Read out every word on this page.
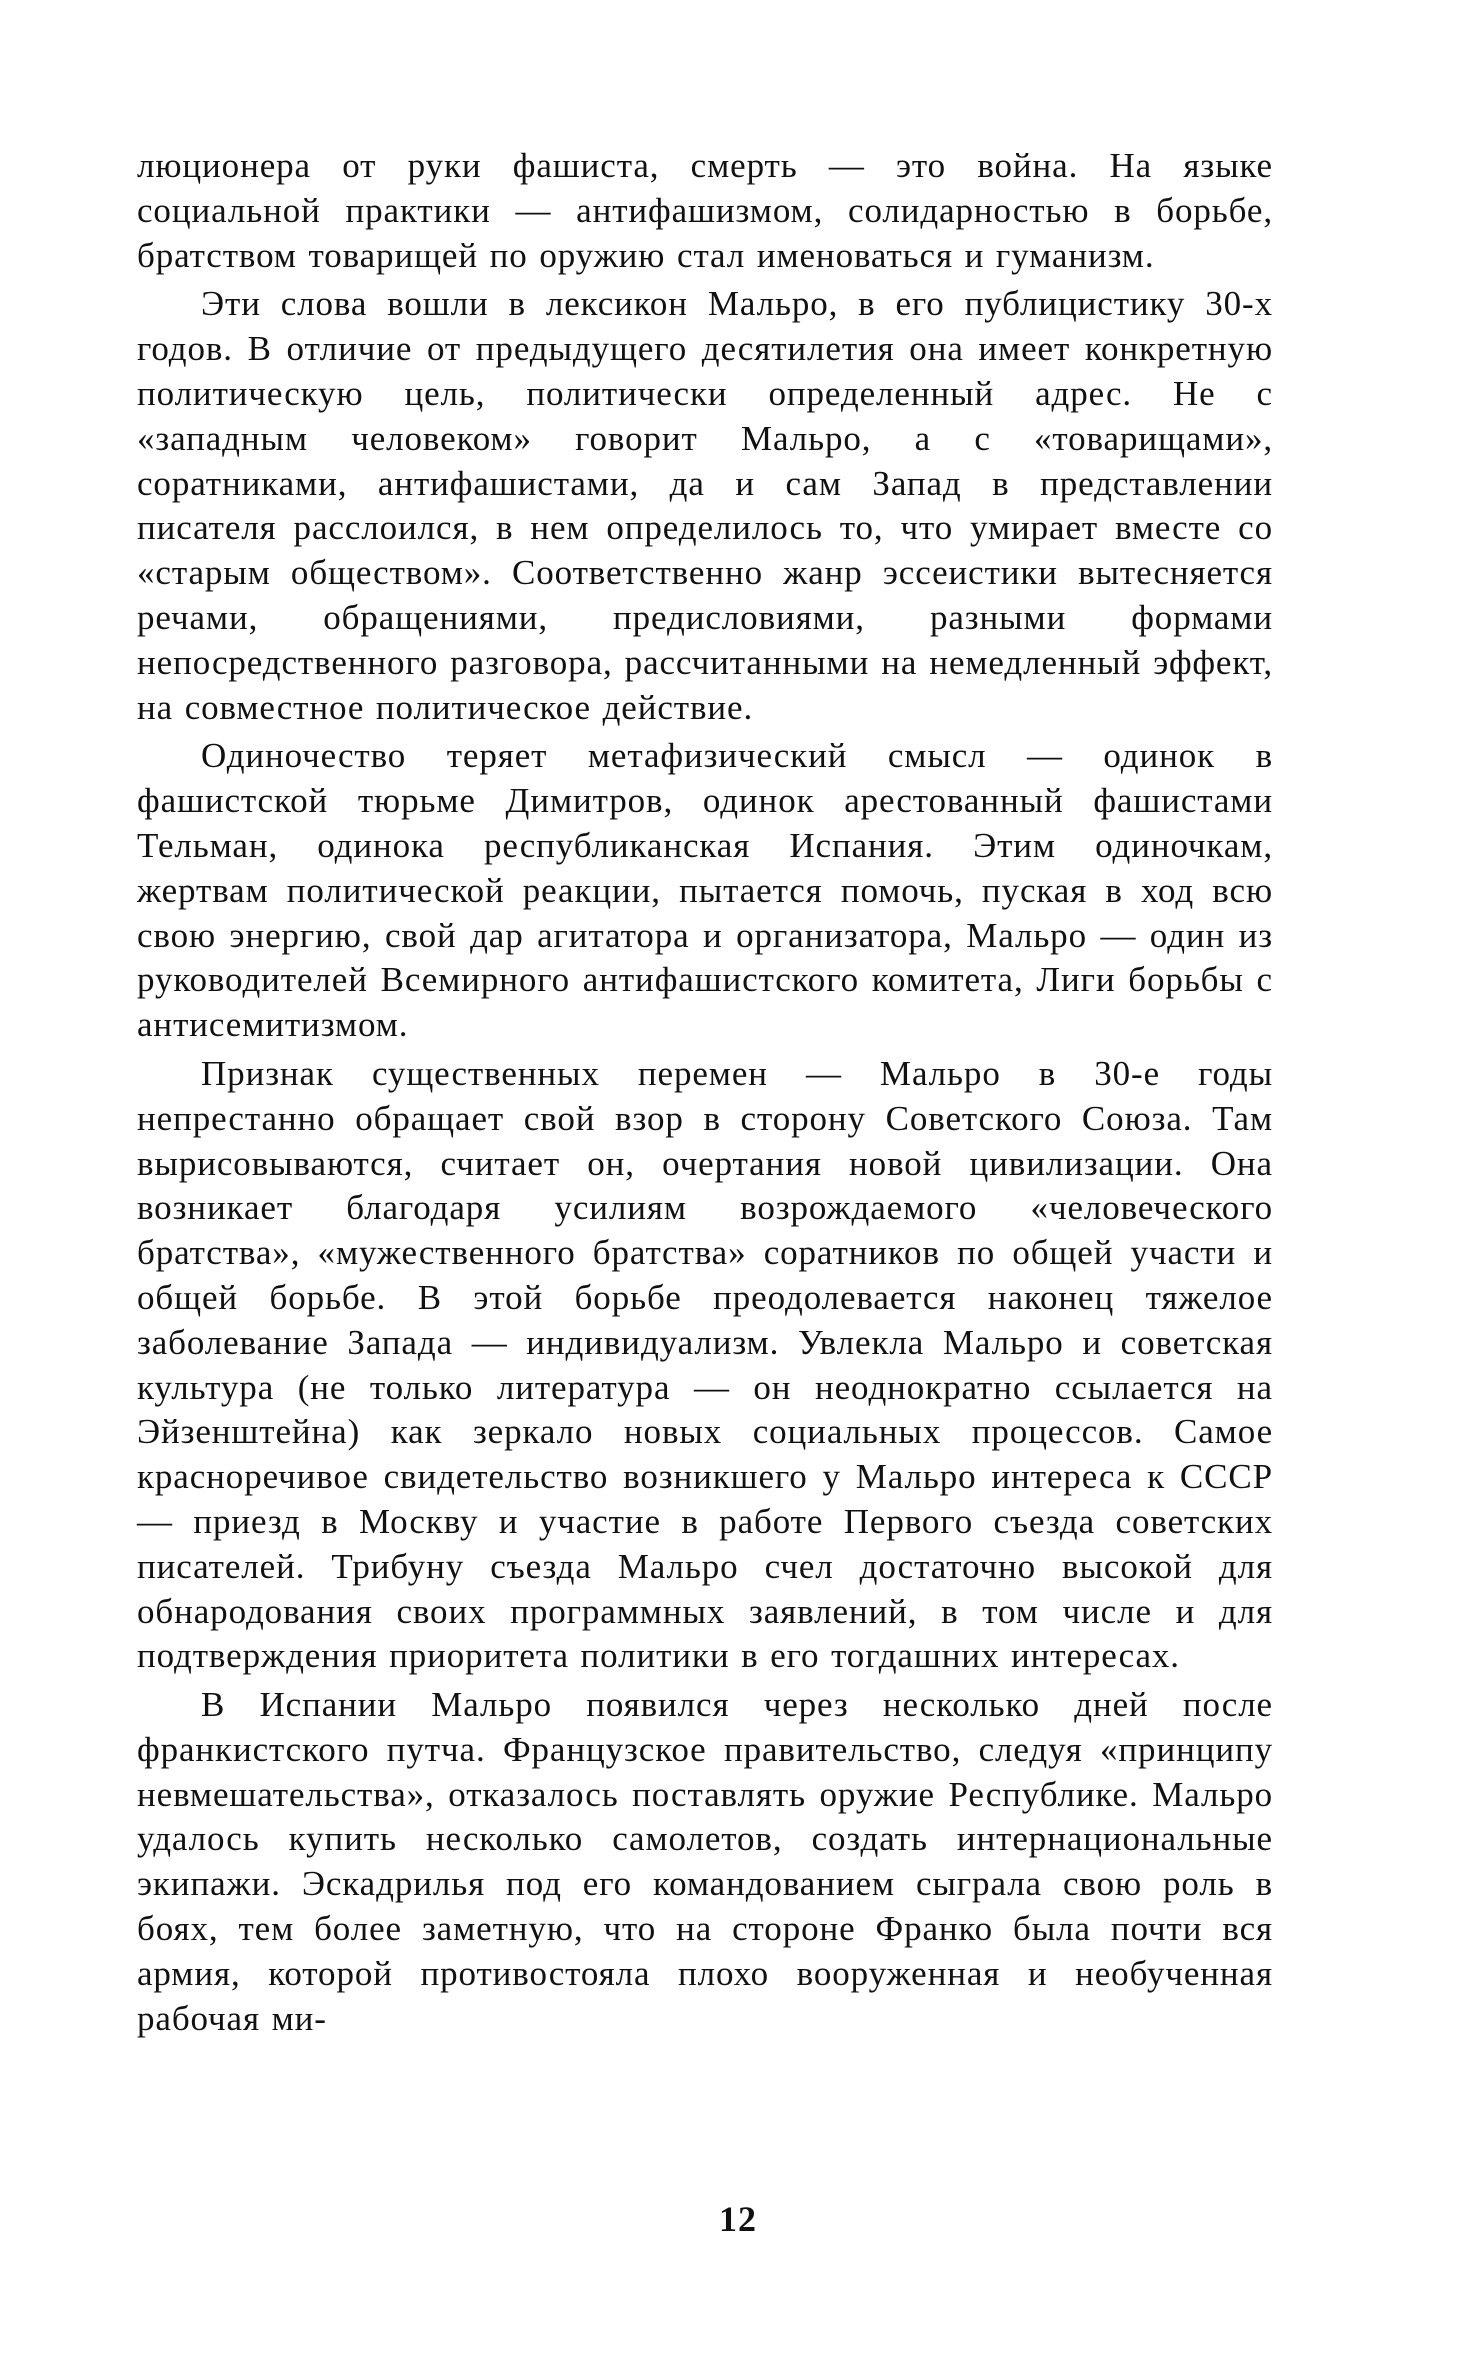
люционера от руки фашиста, смерть — это война. На языке социальной практики — антифашизмом, солидарностью в борьбе, братством товарищей по оружию стал именоваться и гуманизм.

Эти слова вошли в лексикон Мальро, в его публицистику 30-х годов. В отличие от предыдущего десятилетия она имеет конкретную политическую цель, политически определенный адрес. Не с «западным человеком» говорит Мальро, а с «товарищами», соратниками, антифашистами, да и сам Запад в представлении писателя расслоился, в нем определилось то, что умирает вместе со «старым обществом». Соответственно жанр эссеистики вытесняется речами, обращениями, предисловиями, разными формами непосредственного разговора, рассчитанными на немедленный эффект, на совместное политическое действие.

Одиночество теряет метафизический смысл — одинок в фашистской тюрьме Димитров, одинок арестованный фашистами Тельман, одинока республиканская Испания. Этим одиночкам, жертвам политической реакции, пытается помочь, пуская в ход всю свою энергию, свой дар агитатора и организатора, Мальро — один из руководителей Всемирного антифашистского комитета, Лиги борьбы с антисемитизмом.

Признак существенных перемен — Мальро в 30-е годы непрестанно обращает свой взор в сторону Советского Союза. Там вырисовываются, считает он, очертания новой цивилизации. Она возникает благодаря усилиям возрождаемого «человеческого братства», «мужественного братства» соратников по общей участи и общей борьбе. В этой борьбе преодолевается наконец тяжелое заболевание Запада — индивидуализм. Увлекла Мальро и советская культура (не только литература — он неоднократно ссылается на Эйзенштейна) как зеркало новых социальных процессов. Самое красноречивое свидетельство возникшего у Мальро интереса к СССР — приезд в Москву и участие в работе Первого съезда советских писателей. Трибуну съезда Мальро счел достаточно высокой для обнародования своих программных заявлений, в том числе и для подтверждения приоритета политики в его тогдашних интересах.

В Испании Мальро появился через несколько дней после франкистского путча. Французское правительство, следуя «принципу невмешательства», отказалось поставлять оружие Республике. Мальро удалось купить несколько самолетов, создать интернациональные экипажи. Эскадрилья под его командованием сыграла свою роль в боях, тем более заметную, что на стороне Франко была почти вся армия, которой противостояла плохо вооруженная и необученная рабочая ми-

12
